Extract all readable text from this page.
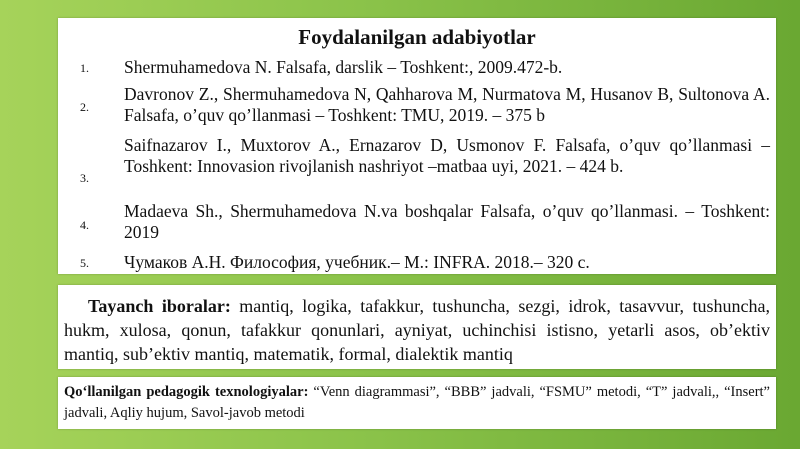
Foydalanilgan adabiyotlar
1. Shermuhamedova N. Falsafa, darslik – Toshkent:, 2009.472-b.
2.
Davronov Z., Shermuhamedova N, Qahharova M, Nurmatova M, Husanov B, Sultonova A. Falsafa, o’quv qo’llanmasi – Toshkent: TMU, 2019. – 375 b
3.
Saifnazarov I., Muxtorov A., Ernazarov D, Usmonov F. Falsafa, o’quv qo’llanmasi – Toshkent: Innovasion rivojlanish nashriyot –matbaa uyi, 2021. – 424 b.
4.
Madaeva Sh., Shermuhamedova N.va boshqalar Falsafa, o’quv qo’llanmasi. – Toshkent: 2019
5. Чумаков А.Н. Философия, учебник.– М.: INFRA. 2018.– 320 с.
Tayanch iboralar: mantiq, logika, tafakkur, tushuncha, sezgi, idrok, tasavvur, tushuncha, hukm, xulosa, qonun, tafakkur qonunlari, ayniyat, uchinchisi istisno, yetarli asos, ob’ektiv mantiq, sub’ektiv mantiq, matematik, formal, dialektik mantiq
Qo‘llanilgan pedagogik texnologiyalar: “Venn diagrammasi”, “BBB” jadvali, “FSMU” metodi, “T” jadvali,, “Insert” jadvali, Aqliy hujum, Savol-javob metodi
